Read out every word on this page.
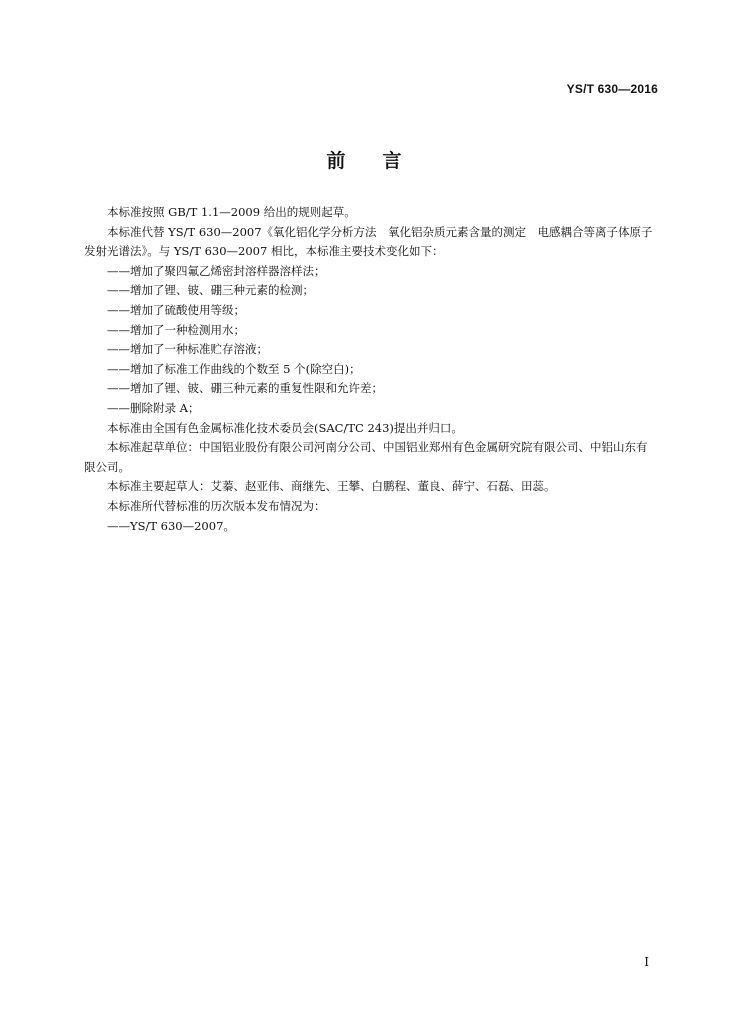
YS/T 630—2016
前 言

本标准按照 GB/T 1.1—2009 给出的规则起草。

本标准代替 YS/T 630—2007《氧化铝化学分析方法　氧化铝杂质元素含量的测定　电感耦合等离子体原子发射光谱法》。与 YS/T 630—2007 相比，本标准主要技术变化如下：

——增加了聚四氟乙烯密封溶样器溶样法；

——增加了锂、铍、硼三种元素的检测；

——增加了硫酸使用等级；

——增加了一种检测用水；

——增加了一种标准贮存溶液；

——增加了标准工作曲线的个数至 5 个(除空白)；

——增加了锂、铍、硼三种元素的重复性限和允许差；

——删除附录 A；

本标准由全国有色金属标准化技术委员会(SAC/TC 243)提出并归口。

本标准起草单位：中国铝业股份有限公司河南分公司、中国铝业郑州有色金属研究院有限公司、中铝山东有限公司。

本标准主要起草人：艾蓁、赵亚伟、商继先、王攀、白鹏程、董良、薛宁、石磊、田蕊。

本标准所代替标准的历次版本发布情况为：

——YS/T 630—2007。

I
